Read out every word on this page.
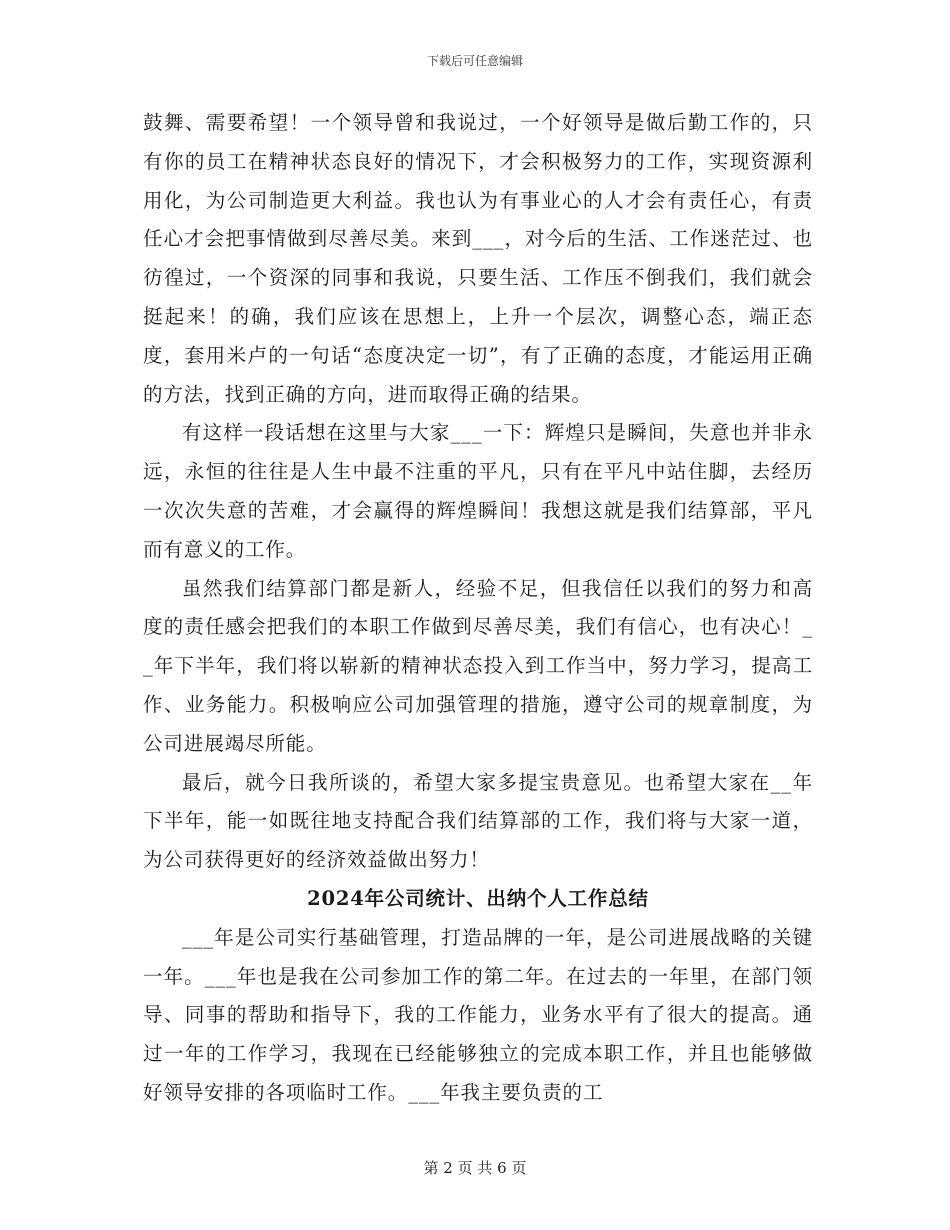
下载后可任意编辑

鼓舞、需要希望！一个领导曾和我说过，一个好领导是做后勤工作的，只有你的员工在精神状态良好的情况下，才会积极努力的工作，实现资源利用化，为公司制造更大利益。我也认为有事业心的人才会有责任心，有责任心才会把事情做到尽善尽美。来到___，对今后的生活、工作迷茫过、也彷徨过，一个资深的同事和我说，只要生活、工作压不倒我们，我们就会挺起来！的确，我们应该在思想上，上升一个层次，调整心态，端正态度，套用米卢的一句话“态度决定一切”，有了正确的态度，才能运用正确的方法，找到正确的方向，进而取得正确的结果。

有这样一段话想在这里与大家___一下：辉煌只是瞬间，失意也并非永远，永恒的往往是人生中最不注重的平凡，只有在平凡中站住脚，去经历一次次失意的苦难，才会赢得的辉煌瞬间！我想这就是我们结算部，平凡而有意义的工作。

虽然我们结算部门都是新人，经验不足，但我信任以我们的努力和高度的责任感会把我们的本职工作做到尽善尽美，我们有信心，也有决心！__年下半年，我们将以崭新的精神状态投入到工作当中，努力学习，提高工作、业务能力。积极响应公司加强管理的措施，遵守公司的规章制度，为公司进展竭尽所能。

最后，就今日我所谈的，希望大家多提宝贵意见。也希望大家在__年下半年，能一如既往地支持配合我们结算部的工作，我们将与大家一道，为公司获得更好的经济效益做出努力！

2024年公司统计、出纳个人工作总结

___年是公司实行基础管理，打造品牌的一年，是公司进展战略的关键一年。___年也是我在公司参加工作的第二年。在过去的一年里，在部门领导、同事的帮助和指导下，我的工作能力，业务水平有了很大的提高。通过一年的工作学习，我现在已经能够独立的完成本职工作，并且也能够做好领导安排的各项临时工作。___年我主要负责的工

第 2 页 共 6 页
